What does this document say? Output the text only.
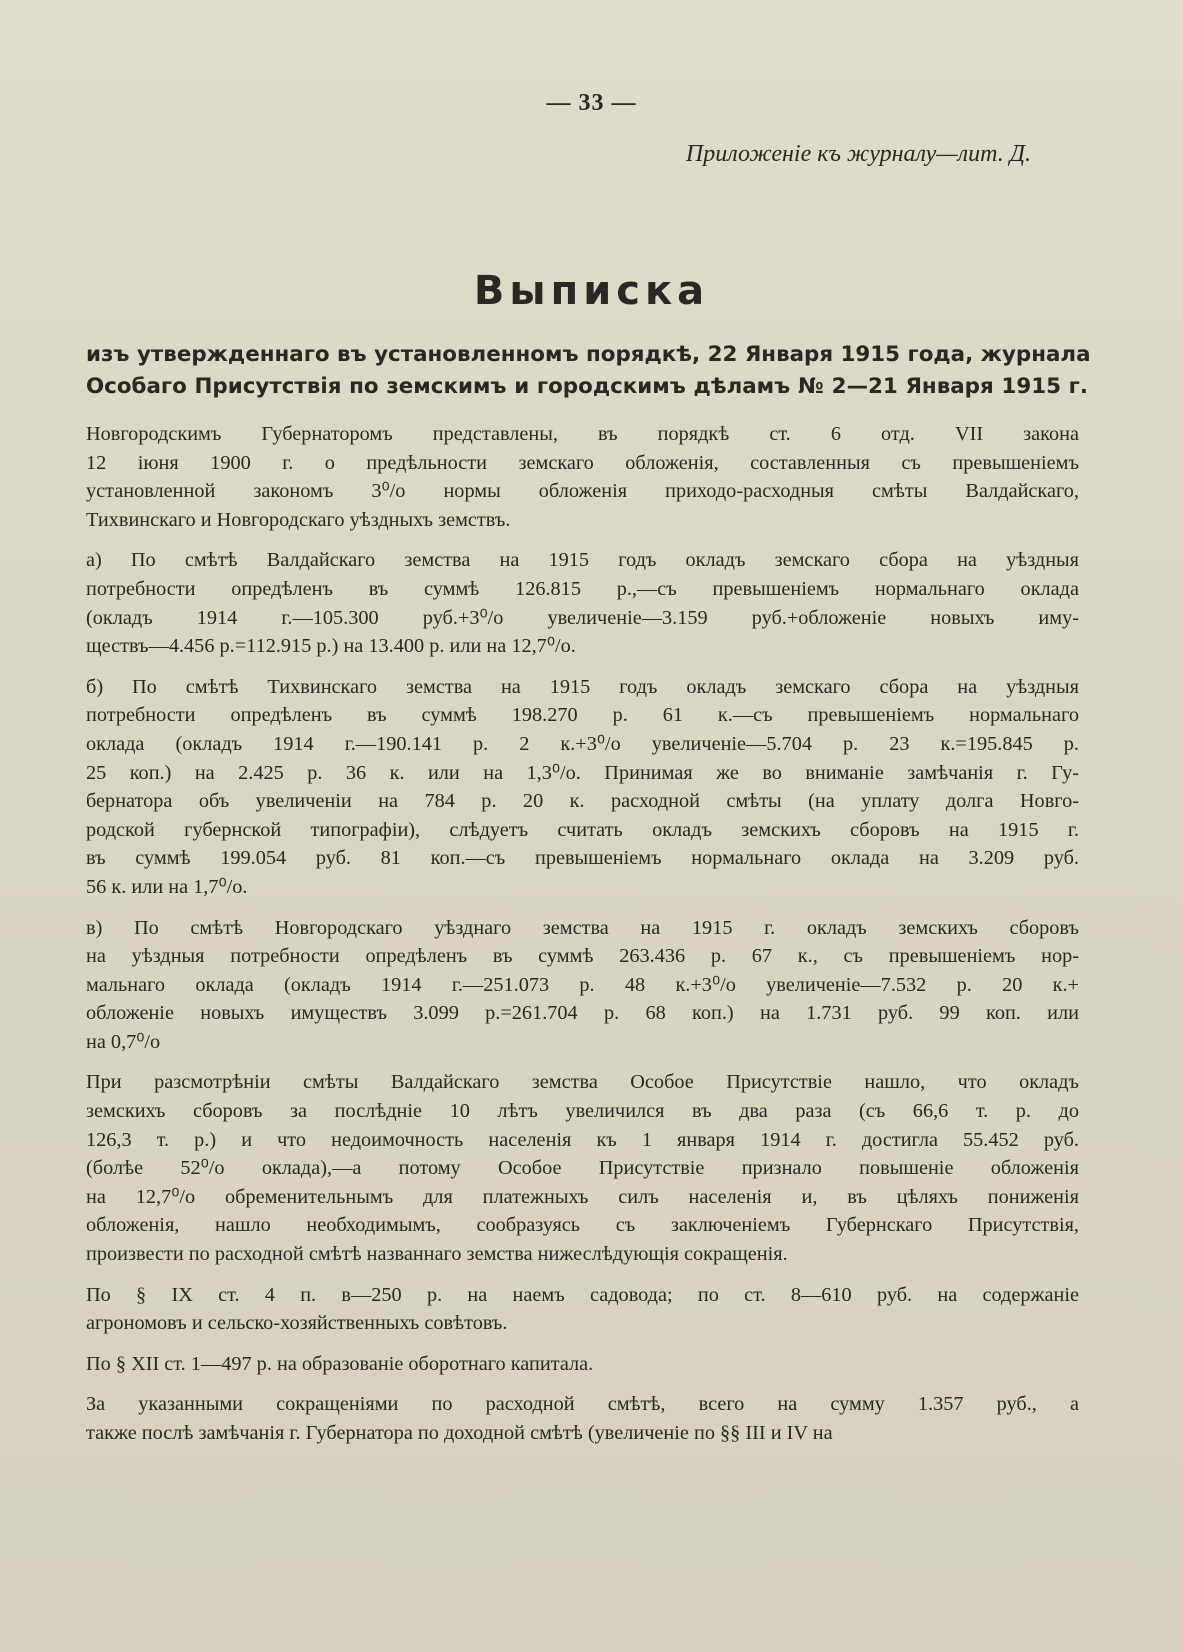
— 33 —
Приложеніе къ журналу—лит. Д.
Выписка
изъ утвержденнаго въ установленномъ порядкѣ, 22 Января 1915 года, журнала
Особаго Присутствія по земскимъ и городскимъ дѣламъ № 2—21 Января 1915 г.

Новгородскимъ Губернаторомъ представлены, въ порядкѣ ст. 6 отд. VII закона
12 іюня 1900 г. о предѣльности земскаго обложенія, составленныя съ превышеніемъ
установленной закономъ 3⁰/о нормы обложенія приходо-расходныя смѣты Валдайскаго,
Тихвинскаго и Новгородскаго уѣздныхъ земствъ.

а) По смѣтѣ Валдайскаго земства на 1915 годъ окладъ земскаго сбора на уѣздныя
потребности опредѣленъ въ суммѣ 126.815 р.,—съ превышеніемъ нормальнаго оклада
(окладъ 1914 г.—105.300 руб.+3⁰/о увеличеніе—3.159 руб.+обложеніе новыхъ иму-
ществъ—4.456 р.=112.915 р.) на 13.400 р. или на 12,7⁰/о.

б) По смѣтѣ Тихвинскаго земства на 1915 годъ окладъ земскаго сбора на уѣздныя
потребности опредѣленъ въ суммѣ 198.270 р. 61 к.—съ превышеніемъ нормальнаго
оклада (окладъ 1914 г.—190.141 р. 2 к.+3⁰/о увеличеніе—5.704 р. 23 к.=195.845 р.
25 коп.) на 2.425 р. 36 к. или на 1,3⁰/о. Принимая же во вниманіе замѣчанія г. Гу-
бернатора объ увеличеніи на 784 р. 20 к. расходной смѣты (на уплату долга Новго-
родской губернской типографіи), слѣдуетъ считать окладъ земскихъ сборовъ на 1915 г.
въ суммѣ 199.054 руб. 81 коп.—съ превышеніемъ нормальнаго оклада на 3.209 руб.
56 к. или на 1,7⁰/о.

в) По смѣтѣ Новгородскаго уѣзднаго земства на 1915 г. окладъ земскихъ сборовъ
на уѣздныя потребности опредѣленъ въ суммѣ 263.436 р. 67 к., съ превышеніемъ нор-
мальнаго оклада (окладъ 1914 г.—251.073 р. 48 к.+3⁰/о увеличеніе—7.532 р. 20 к.+
обложеніе новыхъ имуществъ 3.099 р.=261.704 р. 68 коп.) на 1.731 руб. 99 коп. или
на 0,7⁰/о

При разсмотрѣніи смѣты Валдайскаго земства Особое Присутствіе нашло, что окладъ
земскихъ сборовъ за послѣдніе 10 лѣтъ увеличился въ два раза (съ 66,6 т. р. до
126,3 т. р.) и что недоимочность населенія къ 1 января 1914 г. достигла 55.452 руб.
(болѣе 52⁰/о оклада),—а потому Особое Присутствіе признало повышеніе обложенія
на 12,7⁰/о обременительнымъ для платежныхъ силъ населенія и, въ цѣляхъ пониженія
обложенія, нашло необходимымъ, сообразуясь съ заключеніемъ Губернскаго Присутствія,
произвести по расходной смѣтѣ названнаго земства нижеслѣдующія сокращенія.

По § IX ст. 4 п. в—250 р. на наемъ садовода; по ст. 8—610 руб. на содержаніе
агрономовъ и сельско-хозяйственныхъ совѣтовъ.

По § XII ст. 1—497 р. на образованіе оборотнаго капитала.

За указанными сокращеніями по расходной смѣтѣ, всего на сумму 1.357 руб., а
также послѣ замѣчанія г. Губернатора по доходной смѣтѣ (увеличеніе по §§ III и IV на
